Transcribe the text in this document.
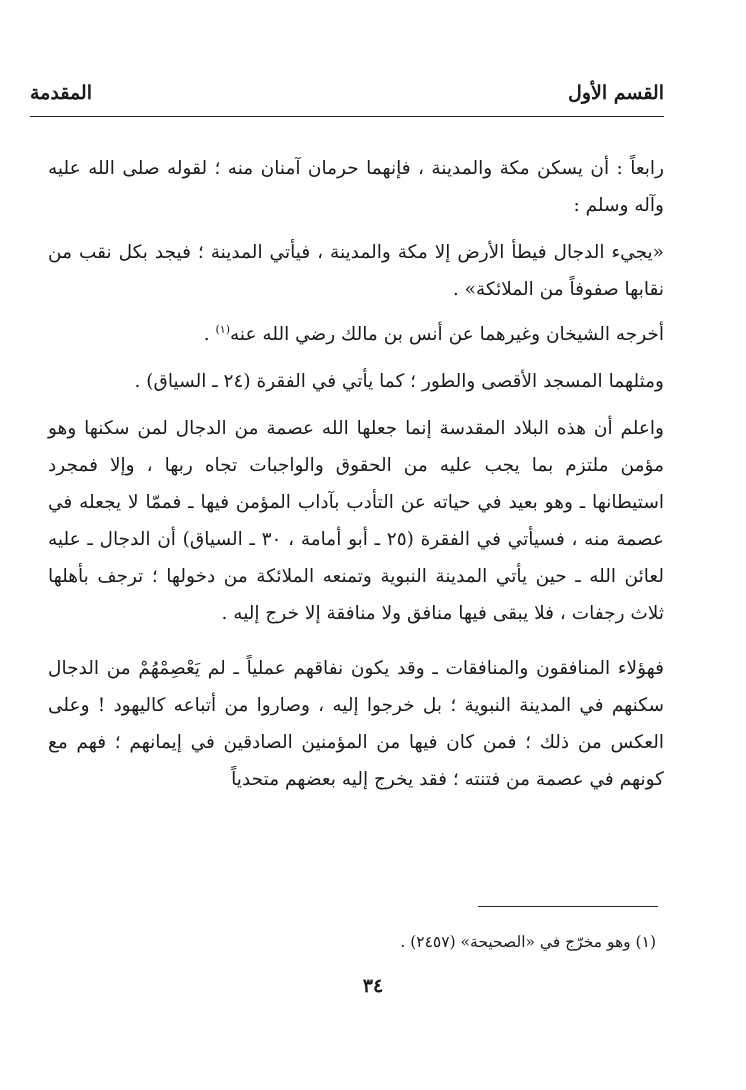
القسم الأول
المقدمة

رابعاً : أن يسكن مكة والمدينة ، فإنهما حرمان آمنان منه ؛ لقوله صلى الله عليه وآله وسلم :

«يجيء الدجال فيطأ الأرض إلا مكة والمدينة ، فيأتي المدينة ؛ فيجد بكل نقب من نقابها صفوفاً من الملائكة» .

أخرجه الشيخان وغيرهما عن أنس بن مالك رضي الله عنه$^{(١)}$ .

ومثلهما المسجد الأقصى والطور ؛ كما يأتي في الفقرة (٢٤ ـ السياق) .

واعلم أن هذه البلاد المقدسة إنما جعلها الله عصمة من الدجال لمن سكنها وهو مؤمن ملتزم بما يجب عليه من الحقوق والواجبات تجاه ربها ، وإلا فمجرد استيطانها ـ وهو بعيد في حياته عن التأدب بآداب المؤمن فيها ـ فممّا لا يجعله في عصمة منه ، فسيأتي في الفقرة (٢٥ ـ أبو أمامة ، ٣٠ ـ السياق) أن الدجال ـ عليه لعائن الله ـ حين يأتي المدينة النبوية وتمنعه الملائكة من دخولها ؛ ترجف بأهلها ثلاث رجفات ، فلا يبقى فيها منافق ولا منافقة إلا خرج إليه .

فهؤلاء المنافقون والمنافقات ـ وقد يكون نفاقهم عملياً ـ لم يَعْصِمْهُمْ من الدجال سكنهم في المدينة النبوية ؛ بل خرجوا إليه ، وصاروا من أتباعه كاليهود ! وعلى العكس من ذلك ؛ فمن كان فيها من المؤمنين الصادقين في إيمانهم ؛ فهم مع كونهم في عصمة من فتنته ؛ فقد يخرج إليه بعضهم متحدياً

(١) وهو مخرّج في «الصحيحة» (٢٤٥٧) .
٣٤
